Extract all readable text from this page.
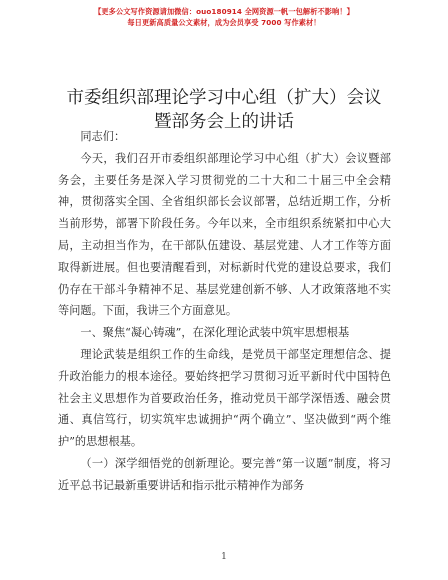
【更多公文写作资源请加微信：ouo180914 全网资源一帆一包解析不影响！】
每日更新高质量公文素材，成为会员享受 7000 写作素材！
市委组织部理论学习中心组（扩大）会议暨部务会上的讲话

同志们：

今天，我们召开市委组织部理论学习中心组（扩大）会议暨部务会，主要任务是深入学习贯彻党的二十大和二十届三中全会精神，贯彻落实全国、全省组织部长会议部署，总结近期工作，分析当前形势，部署下阶段任务。今年以来，全市组织系统紧扣中心大局，主动担当作为，在干部队伍建设、基层党建、人才工作等方面取得新进展。但也要清醒看到，对标新时代党的建设总要求，我们仍存在干部斗争精神不足、基层党建创新不够、人才政策落地不实等问题。下面，我讲三个方面意见。

一、聚焦“凝心铸魂”，在深化理论武装中筑牢思想根基

理论武装是组织工作的生命线，是党员干部坚定理想信念、提升政治能力的根本途径。要始终把学习贯彻习近平新时代中国特色社会主义思想作为首要政治任务，推动党员干部学深悟透、融会贯通、真信笃行，切实筑牢忠诚拥护“两个确立”、坚决做到“两个维护”的思想根基。

（一）深学细悟党的创新理论。要完善“第一议题”制度，将习近平总书记最新重要讲话和指示批示精神作为部务

1
